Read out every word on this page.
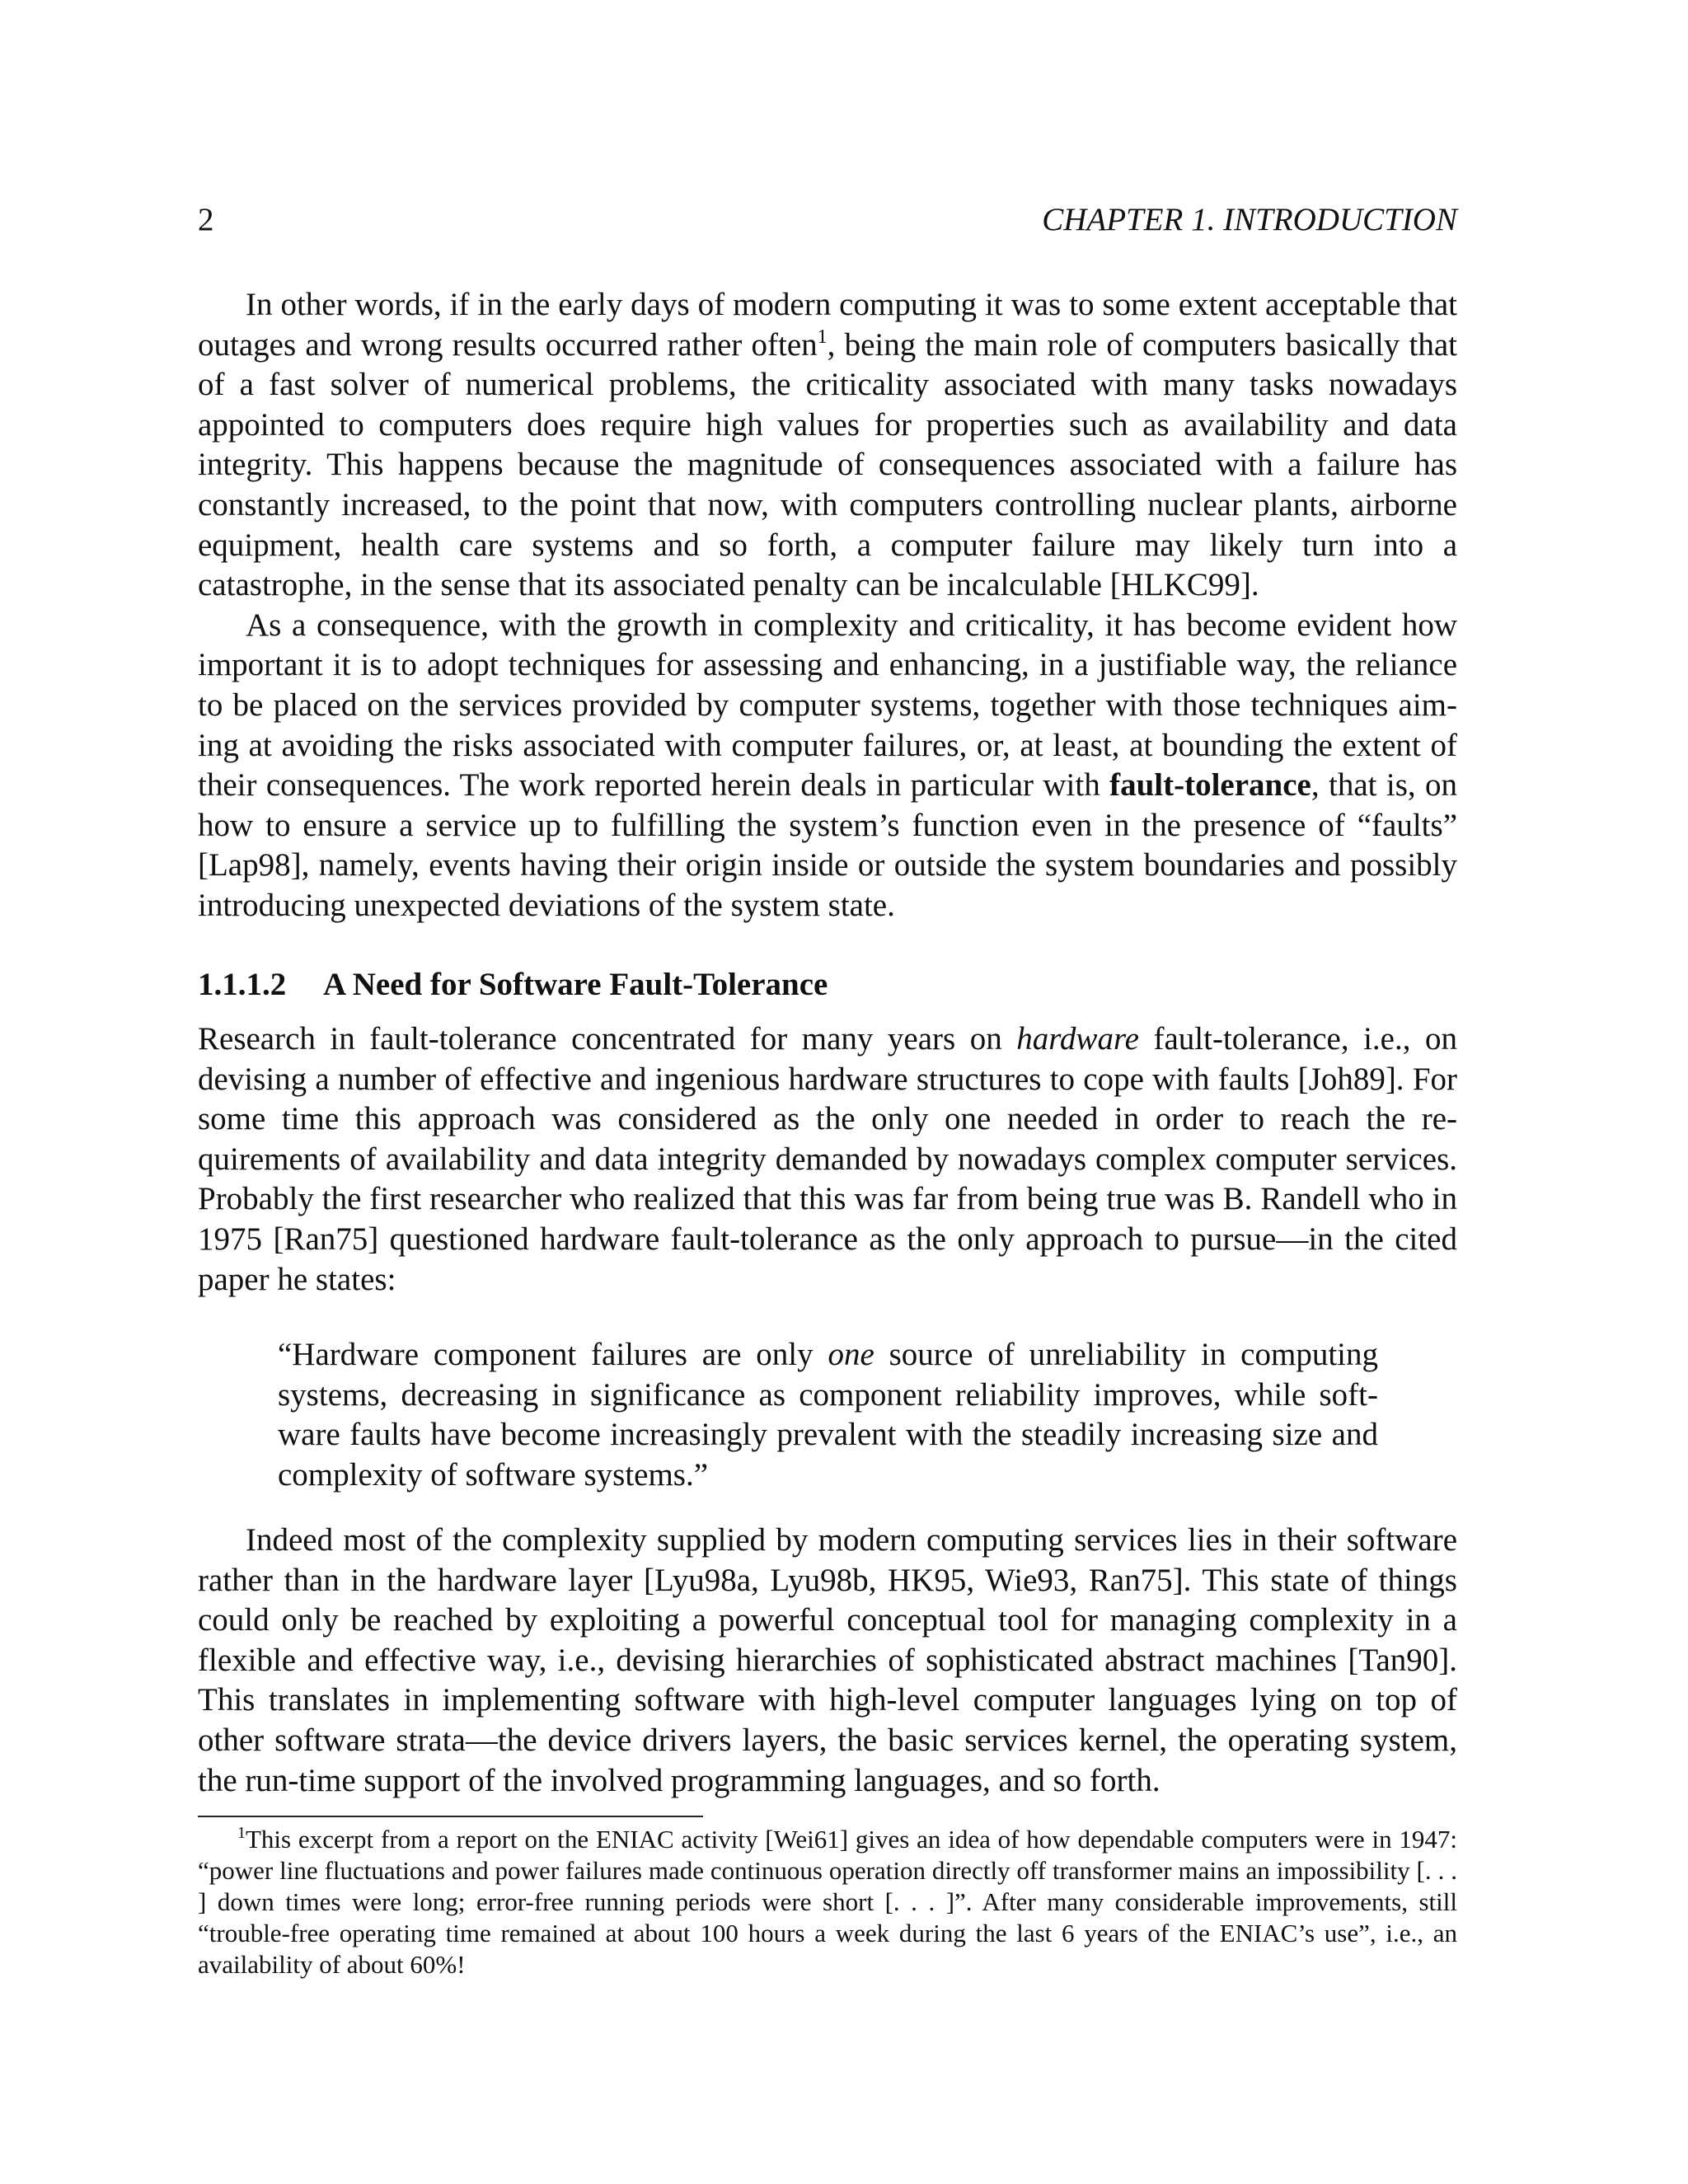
2	CHAPTER 1. INTRODUCTION

In other words, if in the early days of modern computing it was to some extent acceptable that outages and wrong results occurred rather often$^1$, being the main role of computers basically that of a fast solver of numerical problems, the criticality associated with many tasks nowadays appointed to computers does require high values for properties such as availability and data integrity. This happens because the magnitude of consequences associated with a failure has constantly increased, to the point that now, with computers controlling nuclear plants, airborne equipment, health care systems and so forth, a computer failure may likely turn into a catastrophe, in the sense that its associated penalty can be incalculable [HLKC99].

As a consequence, with the growth in complexity and criticality, it has become evident how important it is to adopt techniques for assessing and enhancing, in a justifiable way, the reliance to be placed on the services provided by computer systems, together with those techniques aim-ing at avoiding the risks associated with computer failures, or, at least, at bounding the extent of their consequences. The work reported herein deals in particular with fault-tolerance, that is, on how to ensure a service up to fulfilling the system’s function even in the presence of “faults” [Lap98], namely, events having their origin inside or outside the system boundaries and possibly introducing unexpected deviations of the system state.

1.1.1.2 A Need for Software Fault-Tolerance

Research in fault-tolerance concentrated for many years on hardware fault-tolerance, i.e., on devising a number of effective and ingenious hardware structures to cope with faults [Joh89]. For some time this approach was considered as the only one needed in order to reach the re-quirements of availability and data integrity demanded by nowadays complex computer services. Probably the first researcher who realized that this was far from being true was B. Randell who in 1975 [Ran75] questioned hardware fault-tolerance as the only approach to pursue—in the cited paper he states:

“Hardware component failures are only one source of unreliability in computing systems, decreasing in significance as component reliability improves, while soft-ware faults have become increasingly prevalent with the steadily increasing size and complexity of software systems.”

Indeed most of the complexity supplied by modern computing services lies in their software rather than in the hardware layer [Lyu98a, Lyu98b, HK95, Wie93, Ran75]. This state of things could only be reached by exploiting a powerful conceptual tool for managing complexity in a flexible and effective way, i.e., devising hierarchies of sophisticated abstract machines [Tan90]. This translates in implementing software with high-level computer languages lying on top of other software strata—the device drivers layers, the basic services kernel, the operating system, the run-time support of the involved programming languages, and so forth.

$^1$This excerpt from a report on the ENIAC activity [Wei61] gives an idea of how dependable computers were in 1947: “power line fluctuations and power failures made continuous operation directly off transformer mains an impossibility [. . . ] down times were long; error-free running periods were short [. . . ]”. After many considerable improvements, still “trouble-free operating time remained at about 100 hours a week during the last 6 years of the ENIAC’s use”, i.e., an availability of about 60%!
